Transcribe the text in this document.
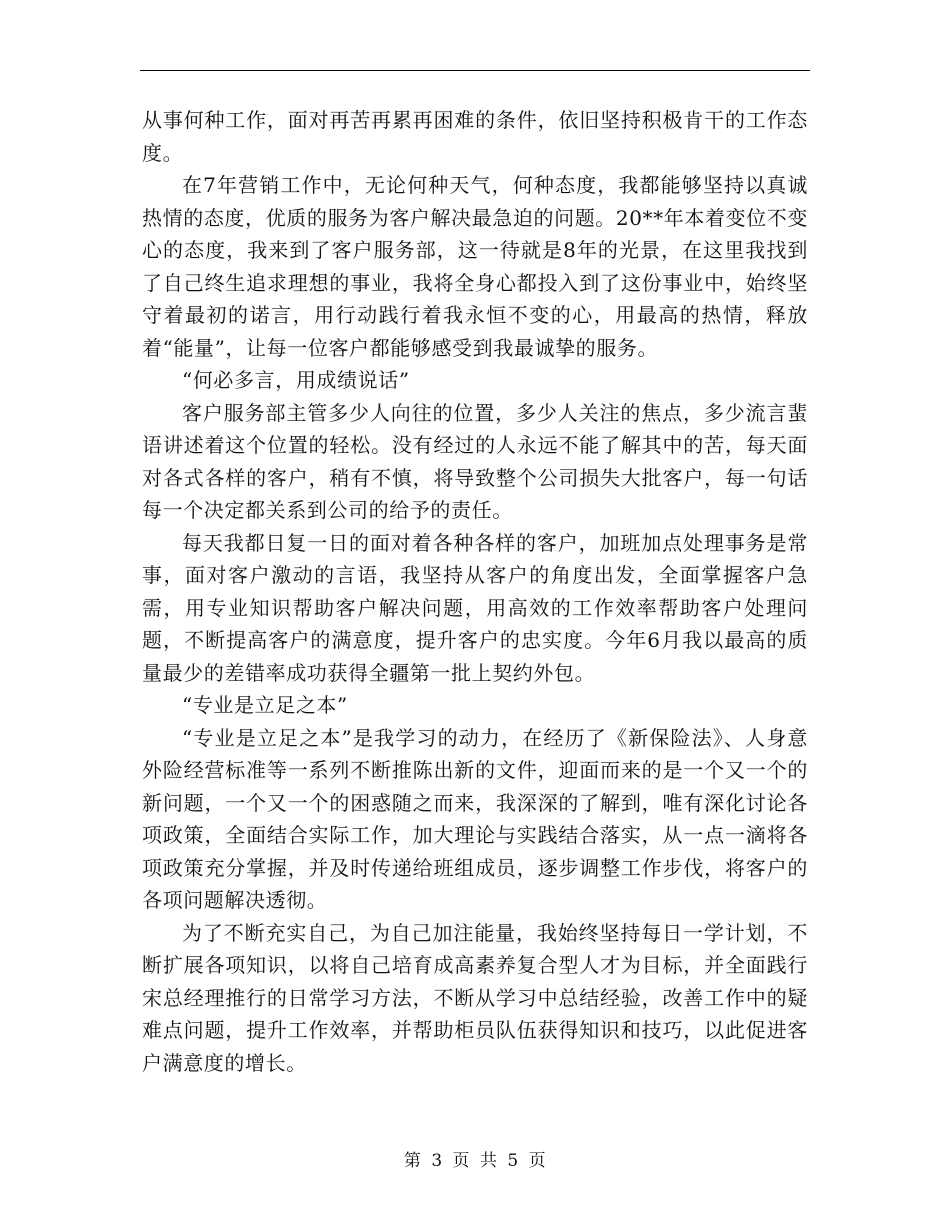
从事何种工作，面对再苦再累再困难的条件，依旧坚持积极肯干的工作态度。

在7年营销工作中，无论何种天气，何种态度，我都能够坚持以真诚热情的态度，优质的服务为客户解决最急迫的问题。20**年本着变位不变心的态度，我来到了客户服务部，这一待就是8年的光景，在这里我找到了自己终生追求理想的事业，我将全身心都投入到了这份事业中，始终坚守着最初的诺言，用行动践行着我永恒不变的心，用最高的热情，释放着“能量”，让每一位客户都能够感受到我最诚挚的服务。

“何必多言，用成绩说话”

客户服务部主管多少人向往的位置，多少人关注的焦点，多少流言蜚语讲述着这个位置的轻松。没有经过的人永远不能了解其中的苦，每天面对各式各样的客户，稍有不慎，将导致整个公司损失大批客户，每一句话每一个决定都关系到公司的给予的责任。

每天我都日复一日的面对着各种各样的客户，加班加点处理事务是常事，面对客户激动的言语，我坚持从客户的角度出发，全面掌握客户急需，用专业知识帮助客户解决问题，用高效的工作效率帮助客户处理问题，不断提高客户的满意度，提升客户的忠实度。今年6月我以最高的质量最少的差错率成功获得全疆第一批上契约外包。

“专业是立足之本”

“专业是立足之本”是我学习的动力，在经历了《新保险法》、人身意外险经营标准等一系列不断推陈出新的文件，迎面而来的是一个又一个的新问题，一个又一个的困惑随之而来，我深深的了解到，唯有深化讨论各项政策，全面结合实际工作，加大理论与实践结合落实，从一点一滴将各项政策充分掌握，并及时传递给班组成员，逐步调整工作步伐，将客户的各项问题解决透彻。

为了不断充实自己，为自己加注能量，我始终坚持每日一学计划，不断扩展各项知识，以将自己培育成高素养复合型人才为目标，并全面践行宋总经理推行的日常学习方法，不断从学习中总结经验，改善工作中的疑难点问题，提升工作效率，并帮助柜员队伍获得知识和技巧，以此促进客户满意度的增长。

第 3 页 共 5 页
